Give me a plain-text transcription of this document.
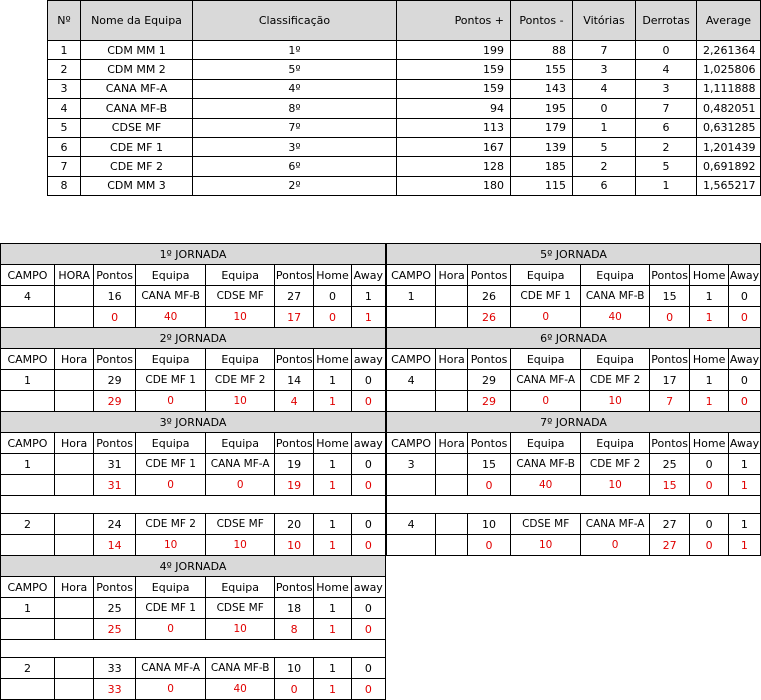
Nº	Nome da Equipa	Classificação	Pontos +	Pontos -	Vitórias	Derrotas	Average
1	CDM MM 1	1º	199	88	7	0	2,261364
2	CDM MM 2	5º	159	155	3	4	1,025806
3	CANA MF-A	4º	159	143	4	3	1,111888
4	CANA MF-B	8º	94	195	0	7	0,482051
5	CDSE MF	7º	113	179	1	6	0,631285
6	CDE MF 1	3º	167	139	5	2	1,201439
7	CDE MF 2	6º	128	185	2	5	0,691892
8	CDM MM 3	2º	180	115	6	1	1,565217
1º JORNADA							
CAMPO	HORA	Pontos	Equipa	Equipa	Pontos	Home	Away
4		16	CANA MF-B	CDSE MF	27	0	1
		0	40	10	17	0	1
2º JORNADA							
CAMPO	Hora	Pontos	Equipa	Equipa	Pontos	Home	away
1		29	CDE MF 1	CDE MF 2	14	1	0
		29	0	10	4	1	0
3º JORNADA							
CAMPO	Hora	Pontos	Equipa	Equipa	Pontos	Home	away
1		31	CDE MF 1	CANA MF-A	19	1	0
		31	0	0	19	1	0

2		24	CDE MF 2	CDSE MF	20	1	0
		14	10	10	10	1	0
4º JORNADA							
CAMPO	Hora	Pontos	Equipa	Equipa	Pontos	Home	away
1		25	CDE MF 1	CDSE MF	18	1	0
		25	0	10	8	1	0

2		33	CANA MF-A	CANA MF-B	10	1	0
		33	0	40	0	1	0
5º JORNADA							
CAMPO	Hora	Pontos	Equipa	Equipa	Pontos	Home	Away
1		26	CDE MF 1	CANA MF-B	15	1	0
		26	0	40	0	1	0
6º JORNADA							
CAMPO	Hora	Pontos	Equipa	Equipa	Pontos	Home	Away
4		29	CANA MF-A	CDE MF 2	17	1	0
		29	0	10	7	1	0
7º JORNADA							
CAMPO	Hora	Pontos	Equipa	Equipa	Pontos	Home	Away
3		15	CANA MF-B	CDE MF 2	25	0	1
		0	40	10	15	0	1

4		10	CDSE MF	CANA MF-A	27	0	1
		0	10	0	27	0	1
